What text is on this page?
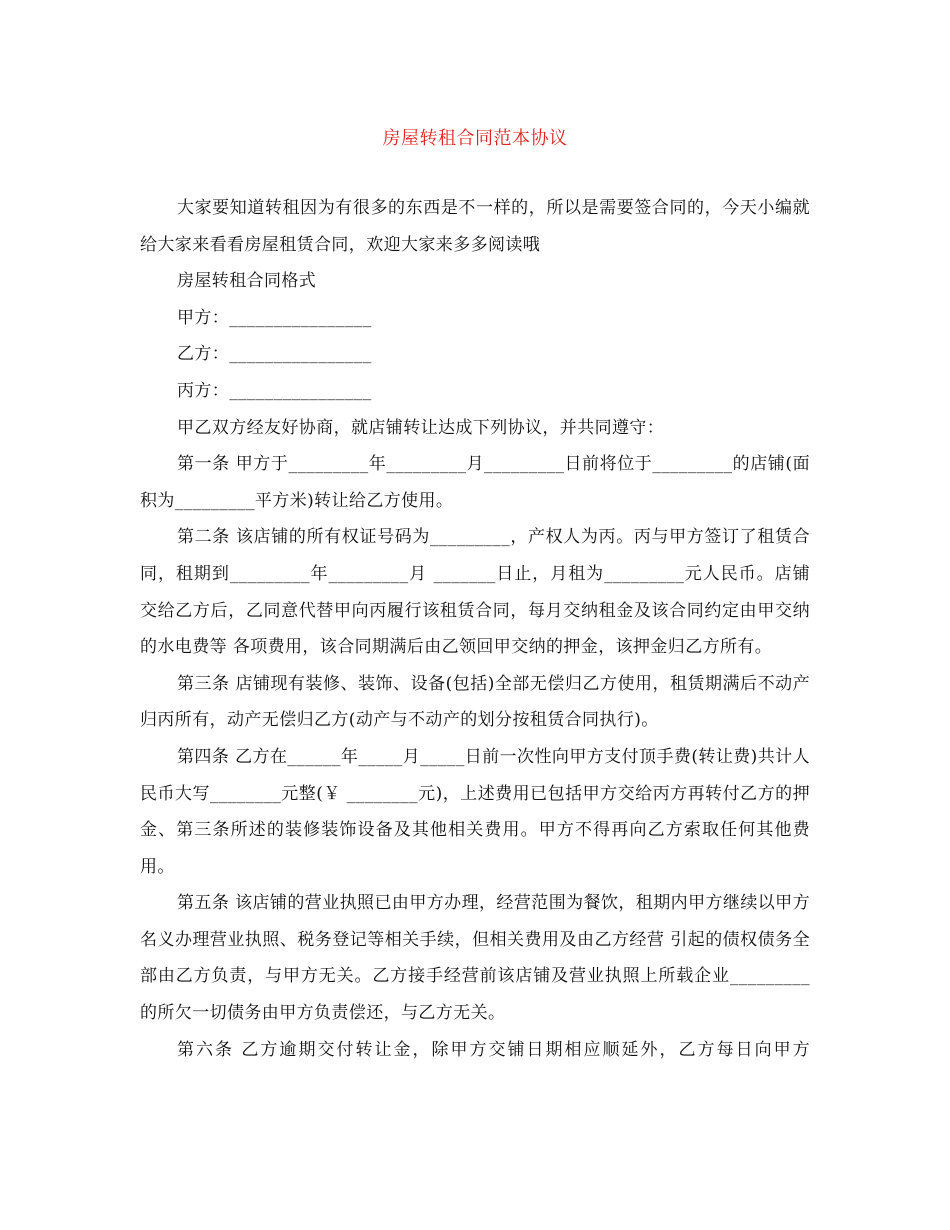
房屋转租合同范本协议

大家要知道转租因为有很多的东西是不一样的，所以是需要签合同的，今天小编就给大家来看看房屋租赁合同，欢迎大家来多多阅读哦

房屋转租合同格式

甲方：________________

乙方：________________

丙方：________________

甲乙双方经友好协商，就店铺转让达成下列协议，并共同遵守：

第一条 甲方于_________年_________月_________日前将位于_________的店铺(面积为_________平方米)转让给乙方使用。

第二条 该店铺的所有权证号码为_________，产权人为丙。丙与甲方签订了租赁合同，租期到_________年_________月 _______日止，月租为_________元人民币。店铺交给乙方后，乙同意代替甲向丙履行该租赁合同，每月交纳租金及该合同约定由甲交纳的水电费等 各项费用，该合同期满后由乙领回甲交纳的押金，该押金归乙方所有。

第三条 店铺现有装修、装饰、设备(包括)全部无偿归乙方使用，租赁期满后不动产归丙所有，动产无偿归乙方(动产与不动产的划分按租赁合同执行)。

第四条 乙方在______年_____月_____日前一次性向甲方支付顶手费(转让费)共计人民币大写________元整(￥ ________元)，上述费用已包括甲方交给丙方再转付乙方的押金、第三条所述的装修装饰设备及其他相关费用。甲方不得再向乙方索取任何其他费用。

第五条 该店铺的营业执照已由甲方办理，经营范围为餐饮，租期内甲方继续以甲方名义办理营业执照、税务登记等相关手续，但相关费用及由乙方经营 引起的债权债务全部由乙方负责，与甲方无关。乙方接手经营前该店铺及营业执照上所载企业_________的所欠一切债务由甲方负责偿还，与乙方无关。

第六条 乙方逾期交付转让金，除甲方交铺日期相应顺延外，乙方每日向甲方
